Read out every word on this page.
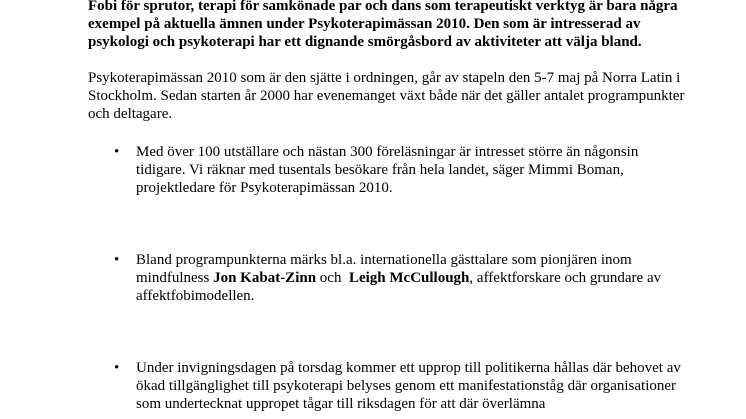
Fobi för sprutor, terapi för samkönade par och dans som terapeutiskt verktyg är bara några exempel på aktuella ämnen under Psykoterapimässan 2010. Den som är intresserad av psykologi och psykoterapi har ett dignande smörgåsbord av aktiviteter att välja bland.

Psykoterapimässan 2010 som är den sjätte i ordningen, går av stapeln den 5-7 maj på Norra Latin i Stockholm. Sedan starten år 2000 har evenemanget växt både när det gäller antalet programpunkter och deltagare.

• Med över 100 utställare och nästan 300 föreläsningar är intresset större än någonsin tidigare. Vi räknar med tusentals besökare från hela landet, säger Mimmi Boman, projektledare för Psykoterapimässan 2010.
• Bland programpunkterna märks bl.a. internationella gästtalare som pionjären inom mindfulness Jon Kabat-Zinn och  Leigh McCullough, affektforskare och grundare av affektfobimodellen.
• Under invigningsdagen på torsdag kommer ett upprop till politikerna hållas där behovet av ökad tillgänglighet till psykoterapi belyses genom ett manifestationståg där organisationer som undertecknat uppropet tågar till riksdagen för att där överlämna
